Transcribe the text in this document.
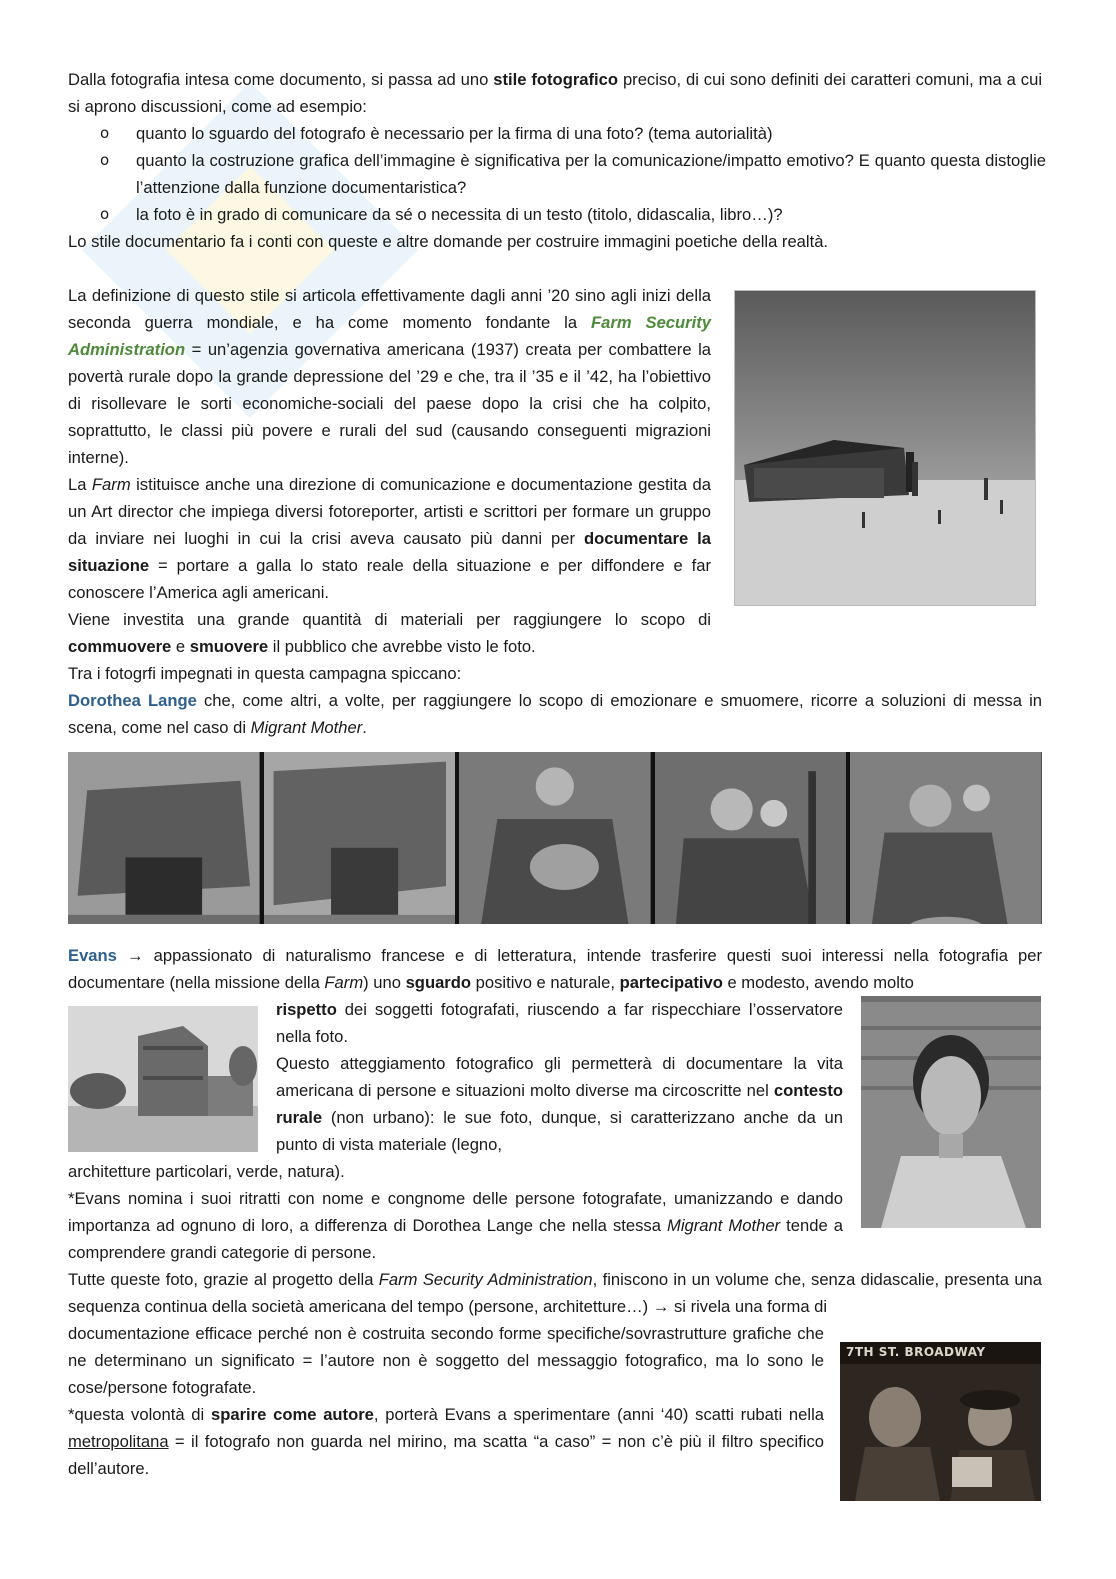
Dalla fotografia intesa come documento, si passa ad uno stile fotografico preciso, di cui sono definiti dei caratteri comuni, ma a cui si aprono discussioni, come ad esempio:

o quanto lo sguardo del fotografo è necessario per la firma di una foto? (tema autorialità)
o quanto la costruzione grafica dell’immagine è significativa per la comunicazione/impatto emotivo? E quanto questa distoglie l’attenzione dalla funzione documentaristica?
o la foto è in grado di comunicare da sé o necessita di un testo (titolo, didascalia, libro…)?

Lo stile documentario fa i conti con queste e altre domande per costruire immagini poetiche della realtà.

La definizione di questo stile si articola effettivamente dagli anni ’20 sino agli inizi della seconda guerra mondiale, e ha come momento fondante la Farm Security Administration = un’agenzia governativa americana (1937) creata per combattere la povertà rurale dopo la grande depressione del ’29 e che, tra il ’35 e il ’42, ha l’obiettivo di risollevare le sorti economiche-sociali del paese dopo la crisi che ha colpito, soprattutto, le classi più povere e rurali del sud (causando conseguenti migrazioni interne).

La Farm istituisce anche una direzione di comunicazione e documentazione gestita da un Art director che impiega diversi fotoreporter, artisti e scrittori per formare un gruppo da inviare nei luoghi in cui la crisi aveva causato più danni per documentare la situazione = portare a galla lo stato reale della situazione e per diffondere e far conoscere l’America agli americani.

Viene investita una grande quantità di materiali per raggiungere lo scopo di commuovere e smuovere il pubblico che avrebbe visto le foto.

Tra i fotogrfi impegnati in questa campagna spiccano:

Dorothea Lange che, come altri, a volte, per raggiungere lo scopo di emozionare e smuomere, ricorre a soluzioni di messa in scena, come nel caso di Migrant Mother.

Evans → appassionato di naturalismo francese e di letteratura, intende trasferire questi suoi interessi nella fotografia per documentare (nella missione della Farm) uno sguardo positivo e naturale, partecipativo e modesto, avendo molto

rispetto dei soggetti fotografati, riuscendo a far rispecchiare l’osservatore nella foto.

Questo atteggiamento fotografico gli permetterà di documentare la vita americana di persone e situazioni molto diverse ma circoscritte nel contesto rurale (non urbano): le sue foto, dunque, si caratterizzano anche da un punto di vista materiale (legno,

architetture particolari, verde, natura).

*Evans nomina i suoi ritratti con nome e congnome delle persone fotografate, umanizzando e dando importanza ad ognuno di loro, a differenza di Dorothea Lange che nella stessa Migrant Mother tende a comprendere grandi categorie di persone.

Tutte queste foto, grazie al progetto della Farm Security Administration, finiscono in un volume che, senza didascalie, presenta una sequenza continua della società americana del tempo (persone, architetture…) → si rivela una forma di

documentazione efficace perché non è costruita secondo forme specifiche/sovrastrutture grafiche che ne determinano un significato = l’autore non è soggetto del messaggio fotografico, ma lo sono le cose/persone fotografate.

*questa volontà di sparire come autore, porterà Evans a sperimentare (anni ‘40) scatti rubati nella metropolitana = il fotografo non guarda nel mirino, ma scatta “a caso” = non c’è più il filtro specifico dell’autore.

7TH ST. BROADWAY
